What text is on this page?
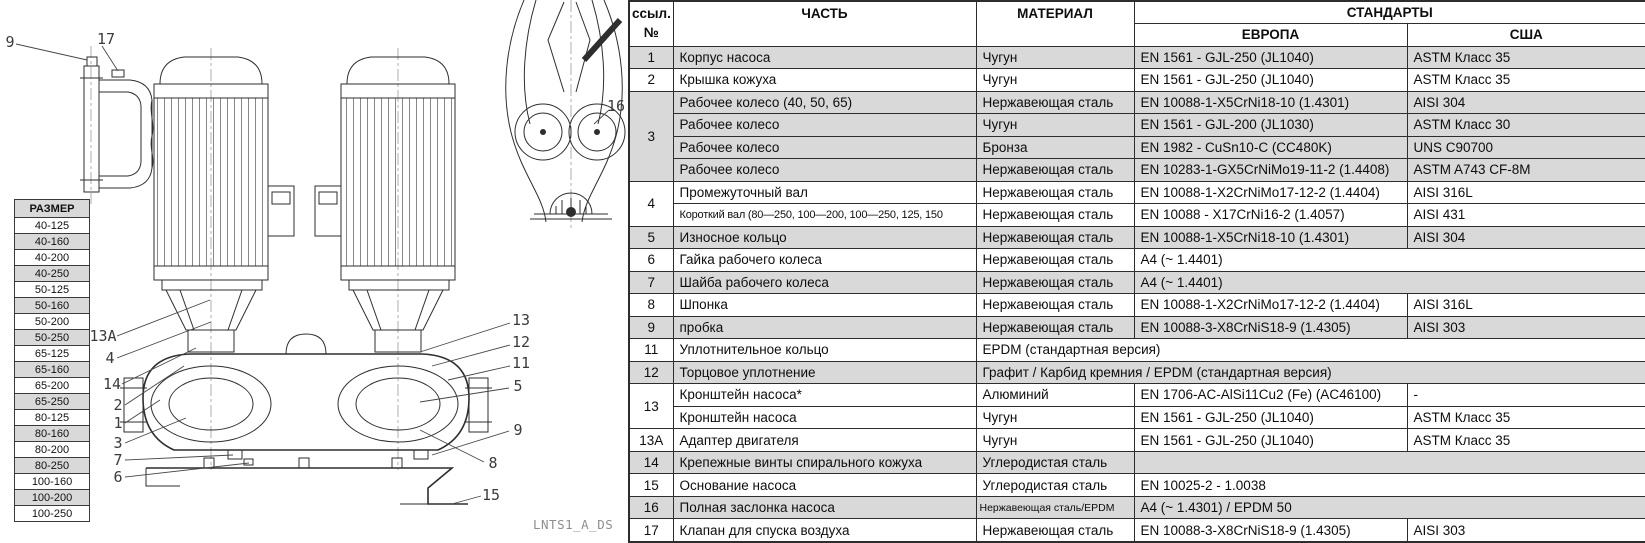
9	17
13A
4
14
2
1
3
7
6
13
12
11
5
9
8
15
16
LNTS1_A_DS
РАЗМЕР
40-125
40-160
40-200
40-250
50-125
50-160
50-200
50-250
65-125
65-160
65-200
65-250
80-125
80-160
80-200
80-250
100-160
100-200
100-250
ссыл.
№	ЧАСТЬ	МАТЕРИАЛ	СТАНДАРТЫ	
			ЕВРОПА	США
1	Корпус насоса	Чугун	EN 1561 - GJL-250 (JL1040)	ASTM Класс 35
2	Крышка кожуха	Чугун	EN 1561 - GJL-250 (JL1040)	ASTM Класс 35
3	Рабочее колесо (40, 50, 65)	Нержавеющая сталь	EN 10088-1-X5CrNi18-10 (1.4301)	AISI 304
	Рабочее колесо	Чугун	EN 1561 - GJL-200 (JL1030)	ASTM Класс 30
	Рабочее колесо	Бронза	EN 1982 - CuSn10-C (CC480K)	UNS C90700
	Рабочее колесо	Нержавеющая сталь	EN 10283-1-GX5CrNiMo19-11-2 (1.4408)	ASTM A743 CF-8M
4	Промежуточный вал	Нержавеющая сталь	EN 10088-1-X2CrNiMo17-12-2 (1.4404)	AISI 316L
	Короткий вал (80—250, 100—200, 100—250, 125, 150	Нержавеющая сталь	EN 10088 - X17CrNi16-2 (1.4057)	AISI 431
5	Износное кольцо	Нержавеющая сталь	EN 10088-1-X5CrNi18-10 (1.4301)	AISI 304
6	Гайка рабочего колеса	Нержавеющая сталь	A4 (~ 1.4401)	
7	Шайба рабочего колеса	Нержавеющая сталь	A4 (~ 1.4401)	
8	Шпонка	Нержавеющая сталь	EN 10088-1-X2CrNiMo17-12-2 (1.4404)	AISI 316L
9	пробка	Нержавеющая сталь	EN 10088-3-X8CrNiS18-9 (1.4305)	AISI 303
11	Уплотнительное кольцо	EPDM (стандартная версия)		
12	Торцовое уплотнение	Графит / Карбид кремния / EPDM (стандартная версия)		
13	Кронштейн насоса*	Алюминий	EN 1706-AC-AlSi11Cu2 (Fe) (AC46100)	-
	Кронштейн насоса	Чугун	EN 1561 - GJL-250 (JL1040)	ASTM Класс 35
13A	Адаптер двигателя	Чугун	EN 1561 - GJL-250 (JL1040)	ASTM Класс 35
14	Крепежные винты спирального кожуха	Углеродистая сталь		
15	Основание насоса	Углеродистая сталь	EN 10025-2 - 1.0038	
16	Полная заслонка насоса	Нержавеющая сталь/EPDM	A4 (~ 1.4301) / EPDM 50	
17	Клапан для спуска воздуха	Нержавеющая сталь	EN 10088-3-X8CrNiS18-9 (1.4305)	AISI 303
